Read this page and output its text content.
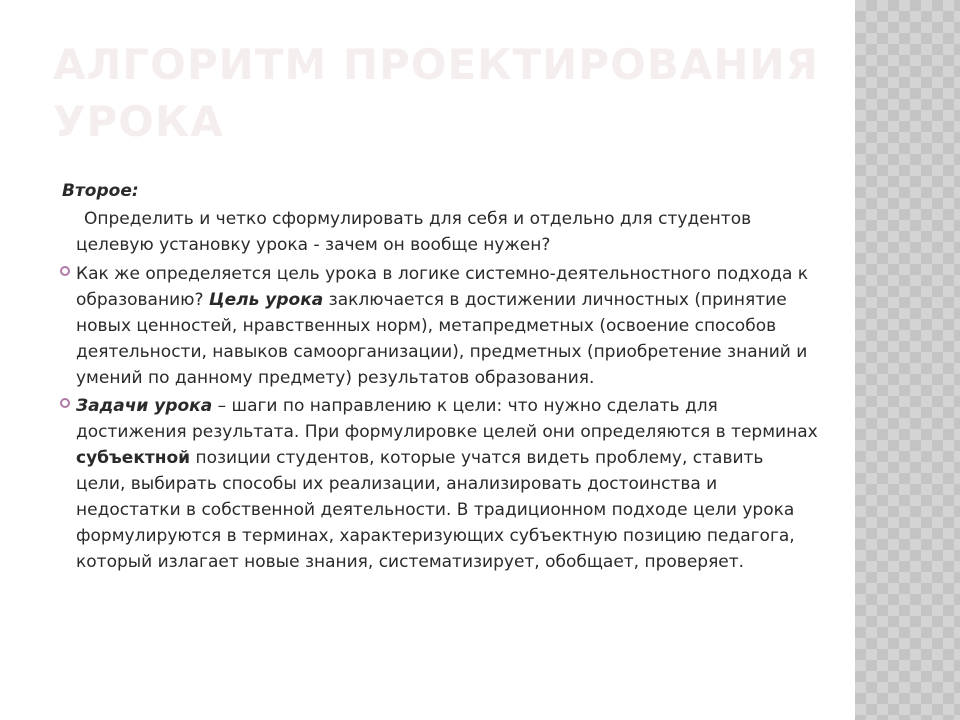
АЛГОРИТМ ПРОЕКТИРОВАНИЯ УРОКА

Второе:

Определить и четко сформулировать для себя и отдельно для студентов целевую установку урока - зачем он вообще нужен?

Как же определяется цель урока в логике системно-деятельностного подхода к образованию? Цель урока заключается в достижении личностных (принятие новых ценностей, нравственных норм), метапредметных (освоение способов деятельности, навыков самоорганизации), предметных (приобретение знаний и умений по данному предмету) результатов образования.
Задачи урока – шаги по направлению к цели: что нужно сделать для достижения результата. При формулировке целей они определяются в терминах субъектной позиции студентов, которые учатся видеть проблему, ставить цели, выбирать способы их реализации, анализировать достоинства и недостатки в собственной деятельности. В традиционном подходе цели урока формулируются в терминах, характеризующих субъектную позицию педагога, который излагает новые знания, систематизирует, обобщает, проверяет.
